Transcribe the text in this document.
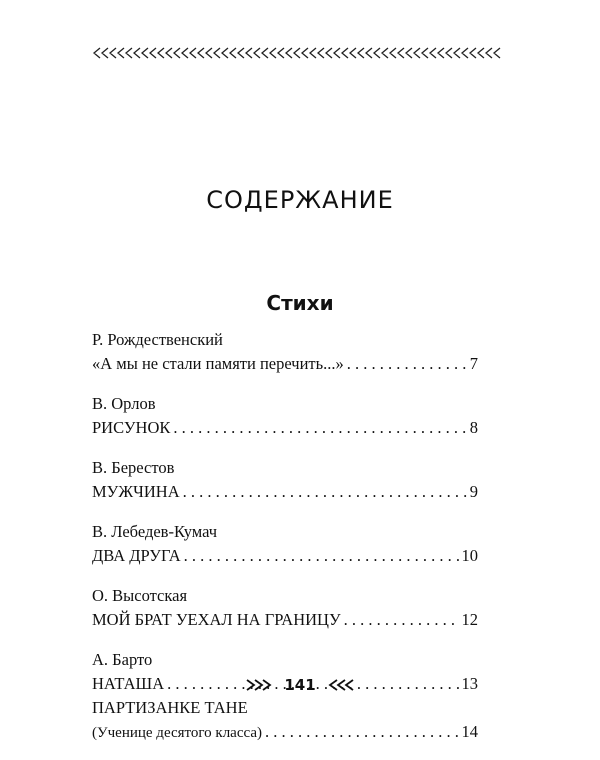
СОДЕРЖАНИЕ
Стихи
Р. Рождественский
«А мы не стали памяти перечить...» . . .	7
В. Орлов
РИСУНОК . . .	8
В. Берестов
МУЖЧИНА . . .	9
В. Лебедев-Кумач
ДВА ДРУГА . . .	10
О. Высотская
МОЙ БРАТ УЕХАЛ НА ГРАНИЦУ . . .	12
А. Барто
НАТАША . . .	13
ПАРТИЗАНКЕ ТАНЕ
(Ученице десятого класса) . . .	14
141
